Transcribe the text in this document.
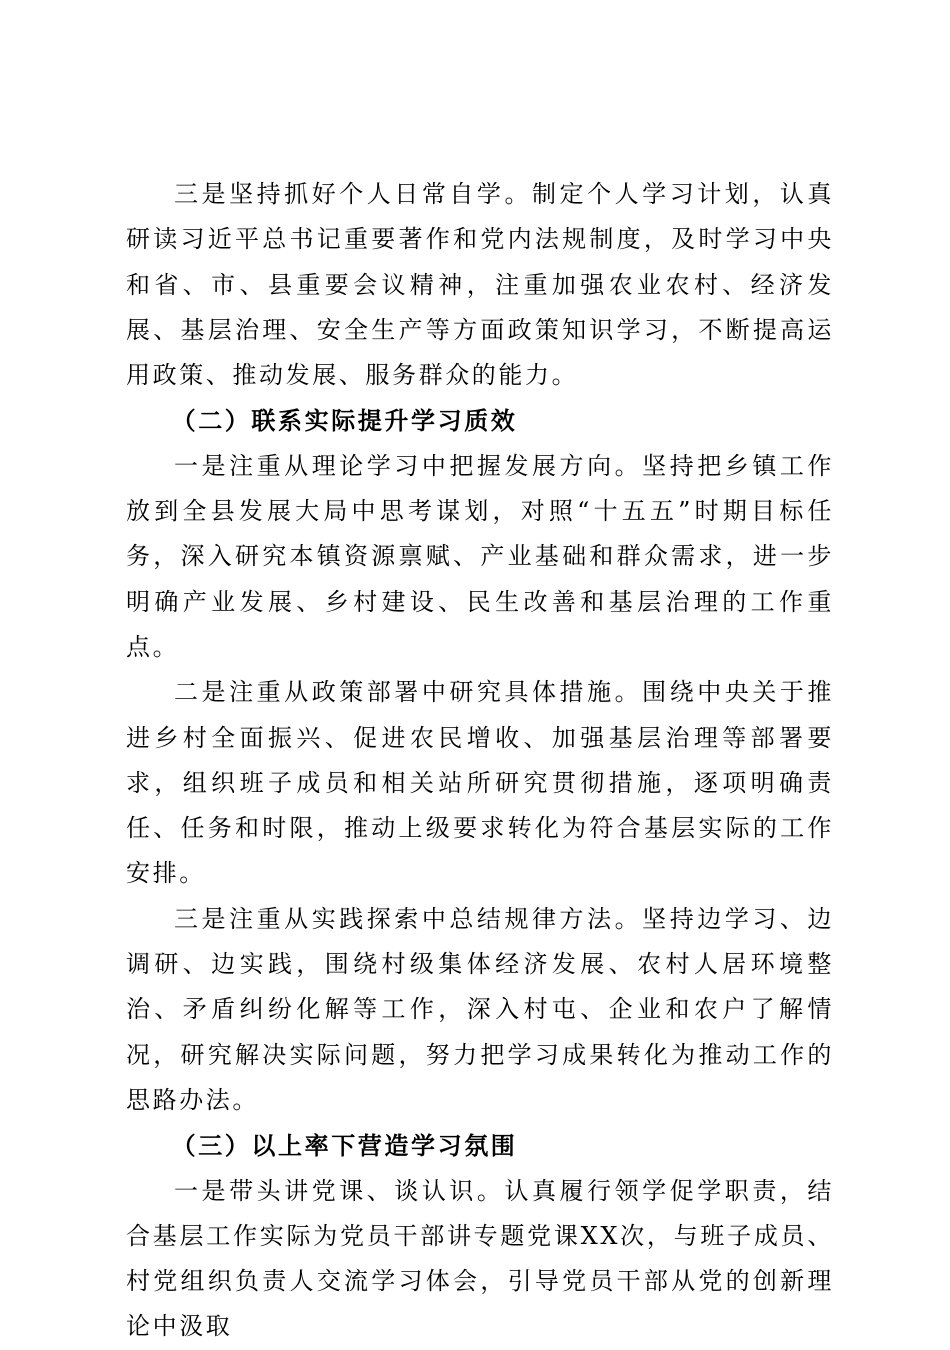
三是坚持抓好个人日常自学。制定个人学习计划，认真研读习近平总书记重要著作和党内法规制度，及时学习中央和省、市、县重要会议精神，注重加强农业农村、经济发展、基层治理、安全生产等方面政策知识学习，不断提高运用政策、推动发展、服务群众的能力。

（二）联系实际提升学习质效

一是注重从理论学习中把握发展方向。坚持把乡镇工作放到全县发展大局中思考谋划，对照“十五五”时期目标任务，深入研究本镇资源禀赋、产业基础和群众需求，进一步明确产业发展、乡村建设、民生改善和基层治理的工作重点。

二是注重从政策部署中研究具体措施。围绕中央关于推进乡村全面振兴、促进农民增收、加强基层治理等部署要求，组织班子成员和相关站所研究贯彻措施，逐项明确责任、任务和时限，推动上级要求转化为符合基层实际的工作安排。

三是注重从实践探索中总结规律方法。坚持边学习、边调研、边实践，围绕村级集体经济发展、农村人居环境整治、矛盾纠纷化解等工作，深入村屯、企业和农户了解情况，研究解决实际问题，努力把学习成果转化为推动工作的思路办法。

（三）以上率下营造学习氛围

一是带头讲党课、谈认识。认真履行领学促学职责，结合基层工作实际为党员干部讲专题党课XX次，与班子成员、村党组织负责人交流学习体会，引导党员干部从党的创新理论中汲取
